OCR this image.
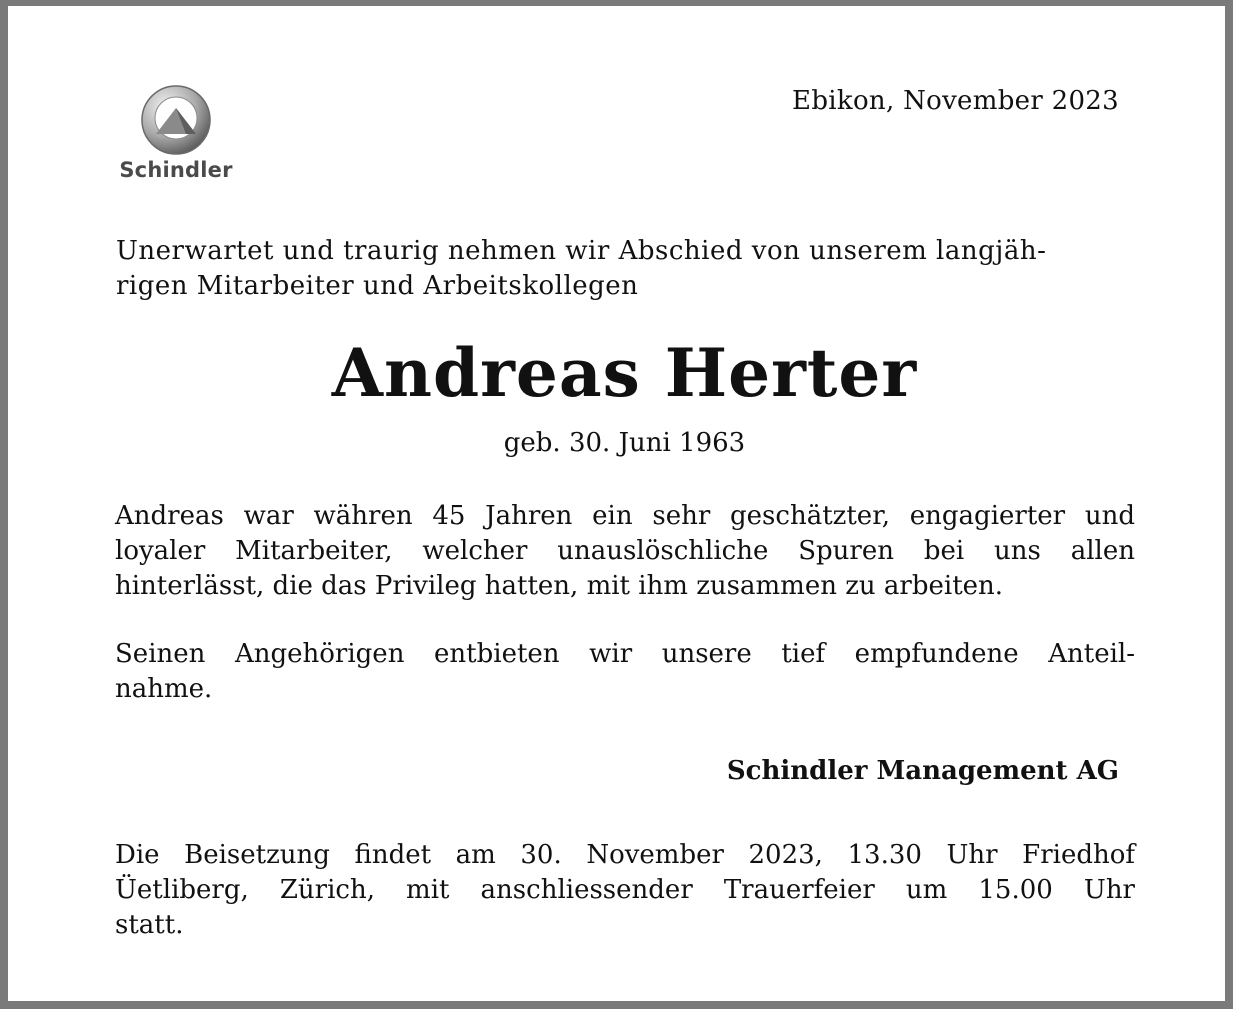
Schindler
Ebikon, November 2023

Unerwartet und traurig nehmen wir Abschied von unserem langjäh-
rigen Mitarbeiter und Arbeitskollegen

Andreas Herter

geb. 30. Juni 1963

Andreas war währen 45 Jahren ein sehr geschätzter, engagierter und
loyaler Mitarbeiter, welcher unauslöschliche Spuren bei uns allen
hinterlässt, die das Privileg hatten, mit ihm zusammen zu arbeiten.

Seinen Angehörigen entbieten wir unsere tief empfundene Anteil-
nahme.

Schindler Management AG

Die Beisetzung findet am 30. November 2023, 13.30 Uhr Friedhof
Üetliberg, Zürich, mit anschliessender Trauerfeier um 15.00 Uhr
statt.
